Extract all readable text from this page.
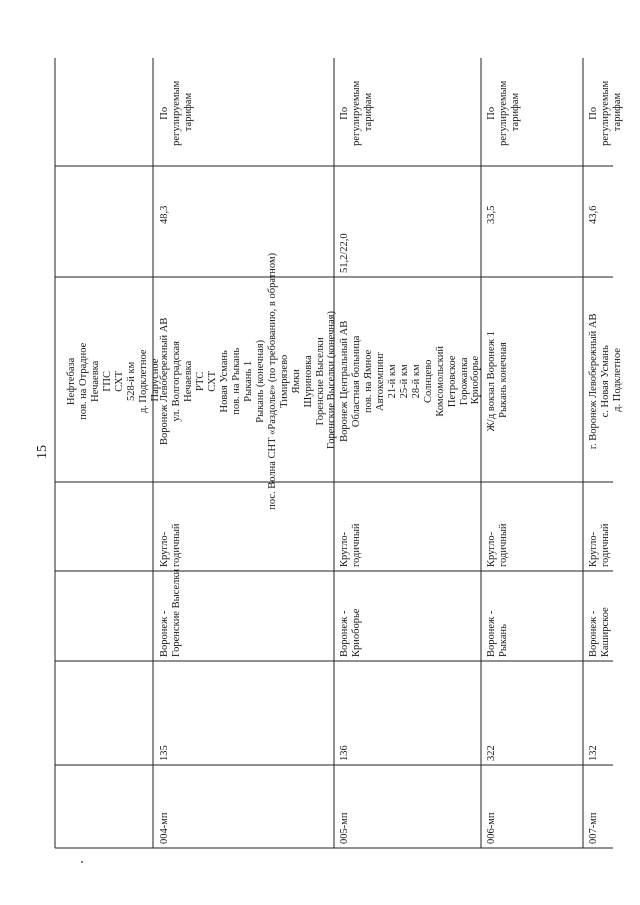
15
Нефтебаза пов. на Отрадное Нечаевка ГПС СХТ 528-й км д. Подклетное Парусное
004-мп
135
Воронеж - Горенские Выселки
Кругло- годичный
Воронеж Левобережный АВ ул. Волгоградская Нечаевка РТС СХТ Новая Усмань пов. на Рыкань Рыкань 1 Рыкань (конечная) пос. Волна СНТ «Раздолье» (по требованию, в обратном) Тимирязево Ямки Шуриновка Горенские Выселки Горенские Выселки (конечная)
48,3
По регулируемым тарифам
005-мп
136
Воронеж - Криоборье
Кругло- годичный
Воронеж Центральный АВ Областная больница пов. на Ямное Автокемпинг 21-й км 25-й км 28-й км Солнцево Комсомольский Петровское Горожанка Криоборье
51,2/22,0
По регулируемым тарифам
006-мп
322
Воронеж - Рыкань
Кругло- годичный
Ж/д вокзал Воронеж 1 Рыкань конечная
33,5
По регулируемым тарифам
007-мп
132
Воронеж - Каширское
Кругло- годичный
г. Воронеж Левобережный АВ с. Новая Усмань д. Подклетное
43,6
По регулируемым тарифам
